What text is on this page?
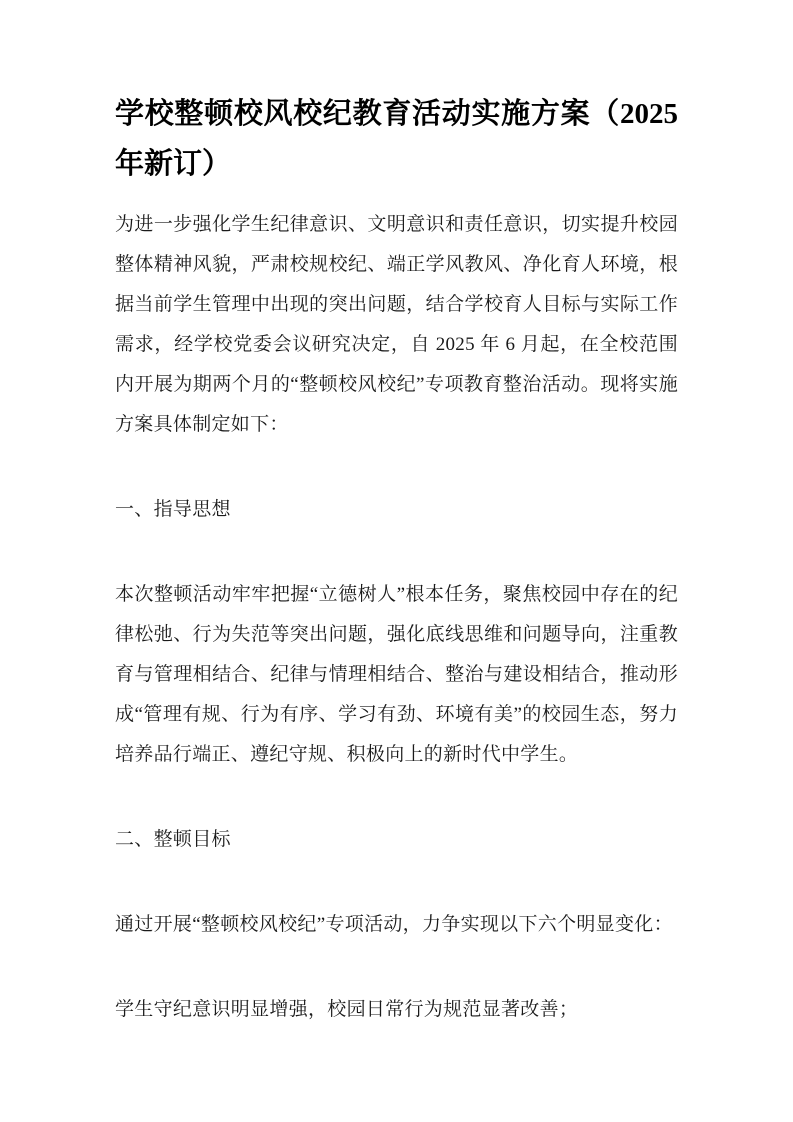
学校整顿校风校纪教育活动实施方案（2025年新订）

为进一步强化学生纪律意识、文明意识和责任意识，切实提升校园整体精神风貌，严肃校规校纪、端正学风教风、净化育人环境，根据当前学生管理中出现的突出问题，结合学校育人目标与实际工作需求，经学校党委会议研究决定，自 2025 年 6 月起，在全校范围内开展为期两个月的“整顿校风校纪”专项教育整治活动。现将实施方案具体制定如下：

一、指导思想

本次整顿活动牢牢把握“立德树人”根本任务，聚焦校园中存在的纪律松弛、行为失范等突出问题，强化底线思维和问题导向，注重教育与管理相结合、纪律与情理相结合、整治与建设相结合，推动形成“管理有规、行为有序、学习有劲、环境有美”的校园生态，努力培养品行端正、遵纪守规、积极向上的新时代中学生。

二、整顿目标

通过开展“整顿校风校纪”专项活动，力争实现以下六个明显变化：

学生守纪意识明显增强，校园日常行为规范显著改善；
